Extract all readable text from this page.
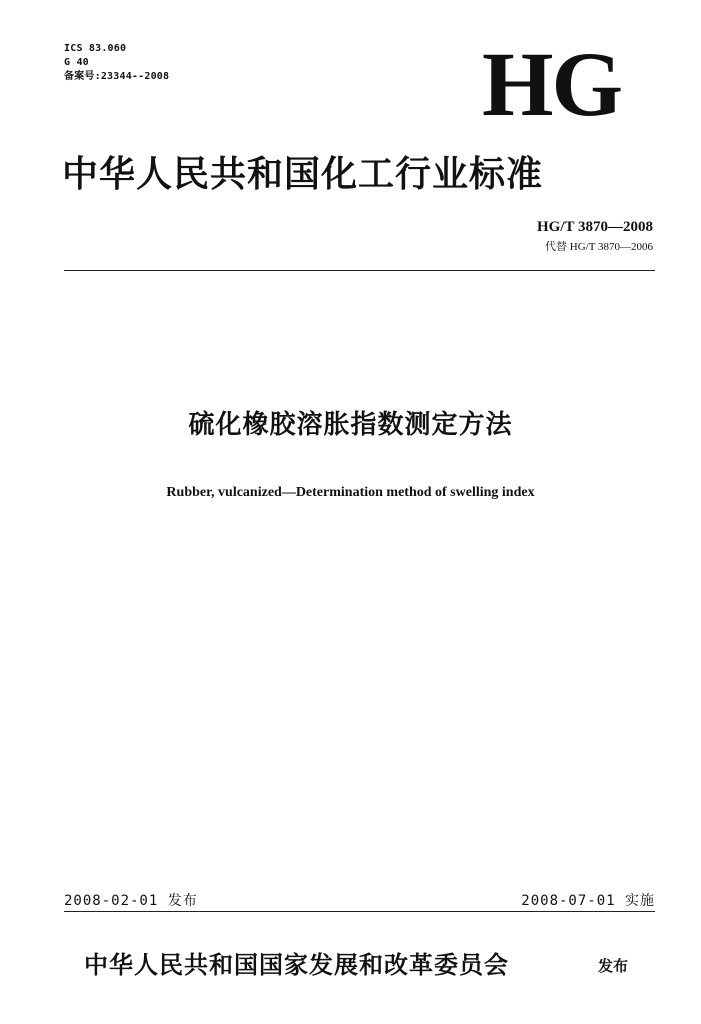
ICS 83.060
G 40
备案号:23344--2008	HG
中华人民共和国化工行业标准
HG/T 3870—2008
代替 HG/T 3870—2006
硫化橡胶溶胀指数测定方法
Rubber, vulcanized—Determination method of swelling index
2008-02-01 发布	2008-07-01 实施
中华人民共和国国家发展和改革委员会	发布
